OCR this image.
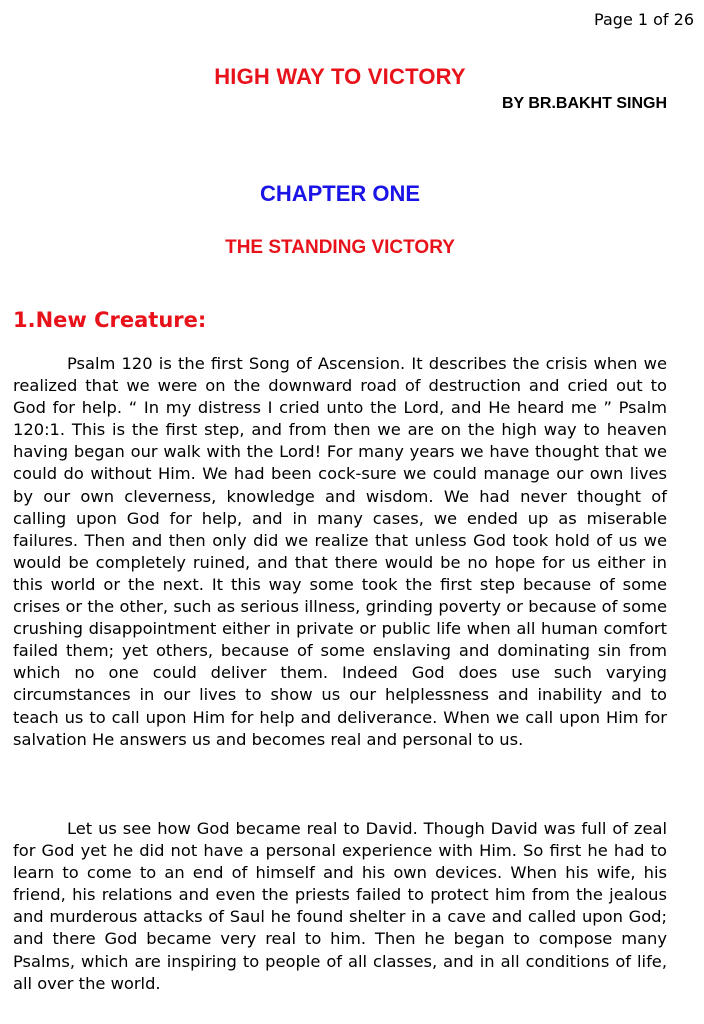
Page 1 of 26
HIGH WAY TO VICTORY
BY BR.BAKHT SINGH
CHAPTER ONE
THE STANDING VICTORY
1.New Creature:

Psalm 120 is the first Song of Ascension. It describes the crisis when we realized that we were on the downward road of destruction and cried out to God for help. “ In my distress I cried unto the Lord, and He heard me ” Psalm 120:1. This is the first step, and from then we are on the high way to heaven having began our walk with the Lord! For many years we have thought that we could do without Him. We had been cock-sure we could manage our own lives by our own cleverness, knowledge and wisdom. We had never thought of calling upon God for help, and in many cases, we ended up as miserable failures. Then and then only did we realize that unless God took hold of us we would be completely ruined, and that there would be no hope for us either in this world or the next. It this way some took the first step because of some crises or the other, such as serious illness, grinding poverty or because of some crushing disappointment either in private or public life when all human comfort failed them; yet others, because of some enslaving and dominating sin from which no one could deliver them. Indeed God does use such varying circumstances in our lives to show us our helplessness and inability and to teach us to call upon Him for help and deliverance. When we call upon Him for salvation He answers us and becomes real and personal to us.

Let us see how God became real to David. Though David was full of zeal for God yet he did not have a personal experience with Him. So first he had to learn to come to an end of himself and his own devices. When his wife, his friend, his relations and even the priests failed to protect him from the jealous and murderous attacks of Saul he found shelter in a cave and called upon God; and there God became very real to him. Then he began to compose many Psalms, which are inspiring to people of all classes, and in all conditions of life, all over the world.
